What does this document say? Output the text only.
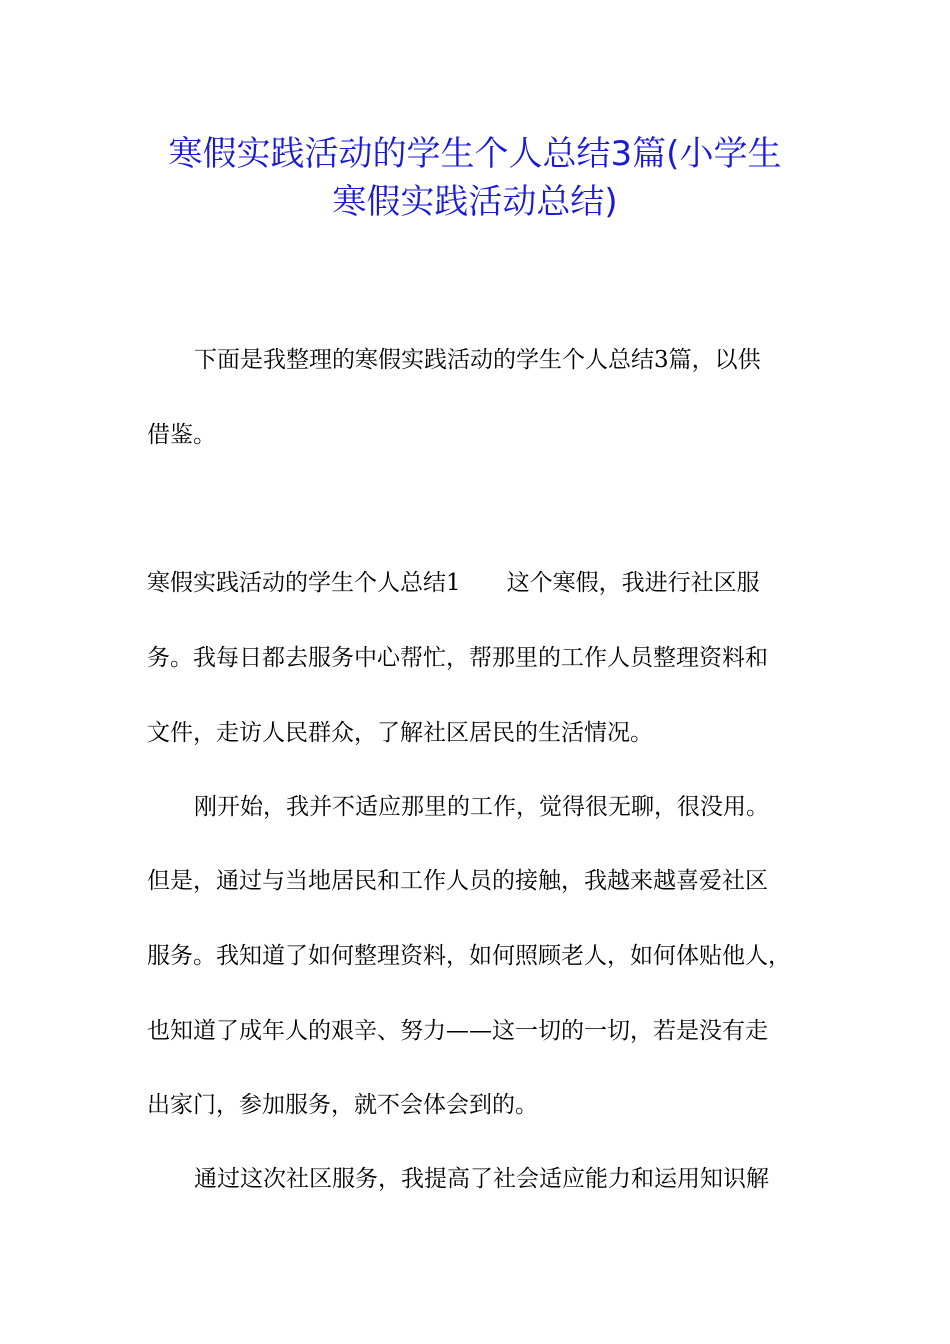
寒假实践活动的学生个人总结3篇(小学生
寒假实践活动总结)
下面是我整理的寒假实践活动的学生个人总结3篇，以供
借鉴。
寒假实践活动的学生个人总结1　　这个寒假，我进行社区服
务。我每日都去服务中心帮忙，帮那里的工作人员整理资料和
文件，走访人民群众，了解社区居民的生活情况。
刚开始，我并不适应那里的工作，觉得很无聊，很没用。
但是，通过与当地居民和工作人员的接触，我越来越喜爱社区
服务。我知道了如何整理资料，如何照顾老人，如何体贴他人，
也知道了成年人的艰辛、努力——这一切的一切，若是没有走
出家门，参加服务，就不会体会到的。
通过这次社区服务，我提高了社会适应能力和运用知识解
